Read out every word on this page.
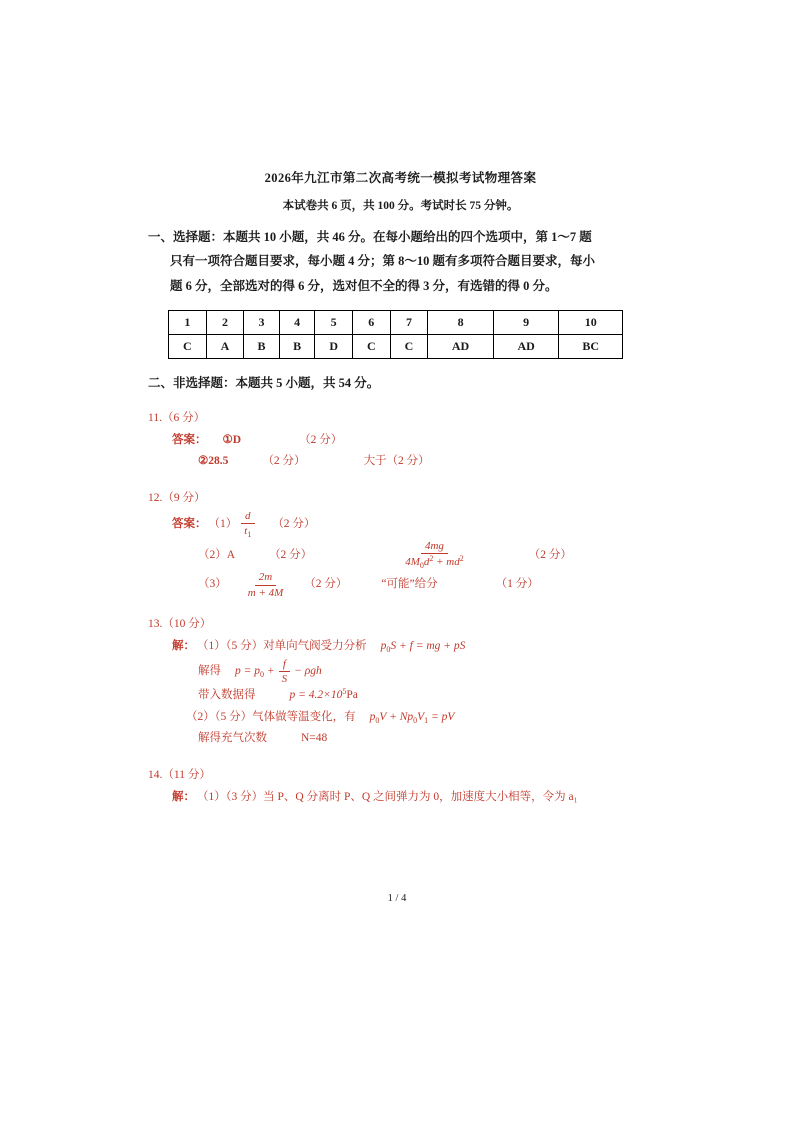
2026年九江市第二次高考统一模拟考试物理答案
本试卷共 6 页，共 100 分。考试时长 75 分钟。
一、选择题：本题共 10 小题，共 46 分。在每小题给出的四个选项中，第 1～7 题
只有一项符合题目要求，每小题 4 分；第 8～10 题有多项符合题目要求，每小
题 6 分，全部选对的得 6 分，选对但不全的得 3 分，有选错的得 0 分。
1	2	3	4	5	6	7	8	9	10
C	A	B	B	D	C	C	AD	AD	BC
二、非选择题：本题共 5 小题，共 54 分。
11.（6 分）
答案： ①D	（2 分）
②28.5	（2 分）	大于（2 分）
12.（9 分）
答案： $(1) \frac{d}{t_1} (2$ 分）
（2）A	（2 分）	$\frac{4mg}{4M_0d^2 + md^2}$	（2 分）
$(3) \frac{2m}{m + 4M} (2$ 分）	“可能”给分	（1 分）
13.（10 分）
解： （1）（5 分）对单向气阀受力分析 $p_0S + f$ = mg + pS
解得 $p = p_0 + \frac{f}{S} - \rho gh$
带入数据得	$p = 4.2\times 10^5Pa$
（2）（5 分）气体做等温变化，有 $p_0V + Np_0V_1$ = pV
解得充气次数	N=48
14.（11 分）
解： （1）（3 分）当 P、Q 分离时 P、Q 之间弹力为 0，加速度大小相等，令为 a₁
1 / 4
